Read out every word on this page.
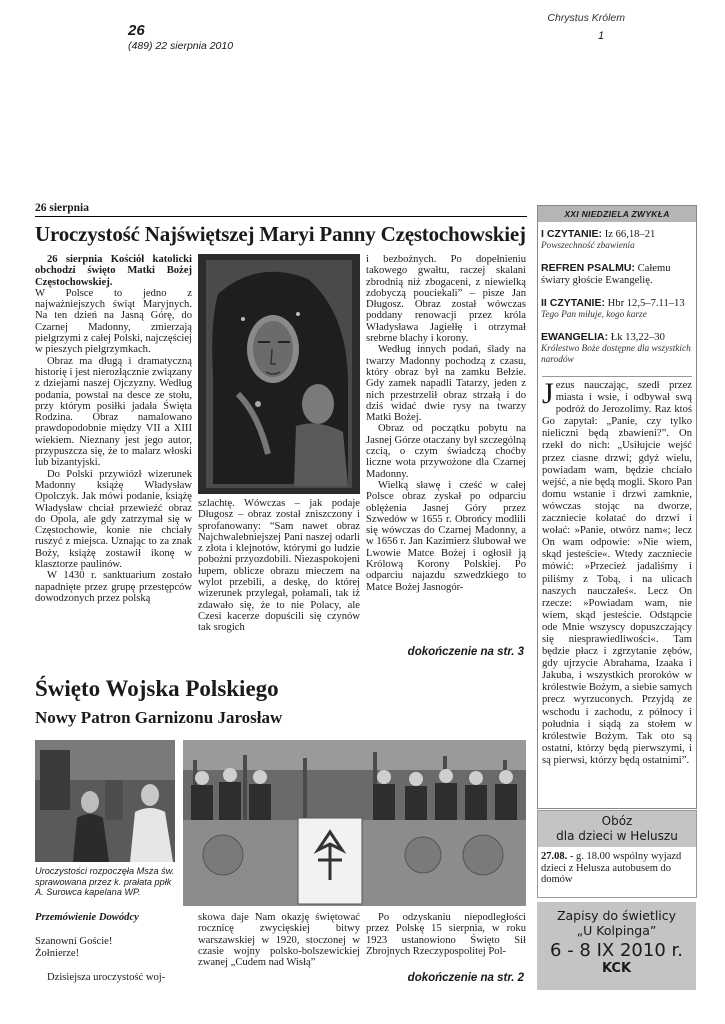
26
(489) 22 sierpnia 2010
Chrystus Królem
1
26 sierpnia
Uroczystość Najświętszej Maryi Panny Częstochowskiej

26 sierpnia Kościół katolicki obchodzi święto Matki Bożej Częstochowskiej.

W Polsce to jedno z najważniejszych świąt Maryjnych. Na ten dzień na Jasną Górę, do Czarnej Madonny, zmierzają pielgrzymi z całej Polski, najczęściej w pieszych pielgrzymkach.

Obraz ma długą i dramatyczną historię i jest nierozłącznie związany z dziejami naszej Ojczyzny. Według podania, powstał na desce ze stołu, przy którym posiłki jadała Święta Rodzina. Obraz namalowano prawdopodobnie między VII a XIII wiekiem. Nieznany jest jego autor, przypuszcza się, że to malarz włoski lub bizantyjski.

Do Polski przywiózł wizerunek Madonny książę Władysław Opolczyk. Jak mówi podanie, książę Władysław chciał przewieźć obraz do Opola, ale gdy zatrzymał się w Częstochowie, konie nie chciały ruszyć z miejsca. Uznając to za znak Boży, książę zostawił ikonę w klasztorze paulinów.

W 1430 r. sanktuarium zostało napadnięte przez grupę przestępców dowodzonych przez polską

szlachtę. Wówczas – jak podaje Długosz – obraz został zniszczony i sprofanowany: “Sam nawet obraz Najchwalebniejszej Pani naszej odarli z złota i klejnotów, którymi go ludzie pobożni przyozdobili. Niezaspokojeni łupem, oblicze obrazu mieczem na wylot przebili, a deskę, do której wizerunek przylegał, połamali, tak iż zdawało się, że to nie Polacy, ale Czesi kacerze dopuścili się czynów tak srogich

i bezbożnych. Po dopełnieniu takowego gwałtu, raczej skalani zbrodnią niż zbogaceni, z niewielką zdobyczą pouciekali” – pisze Jan Długosz. Obraz został wówczas poddany renowacji przez króla Władysława Jagiełłę i otrzymał srebrne blachy i korony.

Według innych podań, ślady na twarzy Madonny pochodzą z czasu, który obraz był na zamku Bełzie. Gdy zamek napadli Tatarzy, jeden z nich przestrzelił obraz strzałą i do dziś widać dwie rysy na twarzy Matki Bożej.

Obraz od początku pobytu na Jasnej Górze otaczany był szczególną czcią, o czym świadczą choćby liczne wota przywożone dla Czarnej Madonny.

Wielką sławę i cześć w całej Polsce obraz zyskał po odparciu oblężenia Jasnej Góry przez Szwedów w 1655 r. Obrońcy modlili się wówczas do Czarnej Madonny, a w 1656 r. Jan Kazimierz ślubował we Lwowie Matce Bożej i ogłosił ją Królową Korony Polskiej. Po odparciu najazdu szwedzkiego to Matce Bożej Jasnogór-

dokończenie na str. 3
Święto Wojska Polskiego
Nowy Patron Garnizonu Jarosław
Uroczystości rozpoczęła Msza św. sprawowana przez k. prałata ppłk A. Surowca kapelana WP.
Przemówienie Dowódcy
Szanowni Goście!
Żołnierze!

Dzisiejsza uroczystość woj-

skowa daje Nam okazję świętować rocznicę zwycięskiej bitwy warszawskiej w 1920, stoczonej w czasie wojny polsko-bolszewickiej zwanej „Cudem nad Wisłą”

Po odzyskaniu niepodległości przez Polskę 15 sierpnia, w roku 1923 ustanowiono Święto Sił Zbrojnych Rzeczypospolitej Pol-

dokończenie na str. 2
XXI NIEDZIELA ZWYKŁA
I CZYTANIE: Iz 66,18–21
Powszechność zbawienia
REFREN PSALMU: Całemu świату głoście Ewangelię.
II CZYTANIE: Hbr 12,5–7.11–13
Tego Pan miłuje, kogo karze
EWANGELIA: Łk 13,22–30
Królestwo Boże dostępne dla wszystkich narodów
Jezus nauczając, szedł przez miasta i wsie, i odbywał swą podróż do Jerozolimy. Raz ktoś Go zapytał: „Panie, czy tylko nieliczni będą zbawieni?”. On rzekł do nich: „Usiłujcie wejść przez ciasne drzwi; gdyż wielu, powiadam wam, będzie chciało wejść, a nie będą mogli. Skoro Pan domu wstanie i drzwi zamknie, wówczas stojąc na dworze, zaczniecie kołatać do drzwi i wołać: »Panie, otwórz nam«; lecz On wam odpowie: »Nie wiem, skąd jesteście«. Wtedy zaczniecie mówić: »Przecież jadaliśmy i piliśmy z Tobą, i na ulicach naszych nauczałeś«. Lecz On rzecze: »Powiadam wam, nie wiem, skąd jesteście. Odstąpcie ode Mnie wszyscy dopuszczający się niesprawiedliwości«. Tam będzie płacz i zgrzytanie zębów, gdy ujrzycie Abrahama, Izaaka i Jakuba, i wszystkich proroków w królestwie Bożym, a siebie samych precz wyrzuconych. Przyjdą ze wschodu i zachodu, z północy i południa i siądą za stołem w królestwie Bożym. Tak oto są ostatni, którzy będą pierwszymi, i są pierwsi, którzy będą ostatnimi”.
Obóz
dla dzieci w Heluszu
27.08. - g. 18.00 wspólny wyjazd dzieci z Helusza autobusem do domów
Zapisy do świetlicy
„U Kolpinga”
6 - 8 IX 2010 r.
KCK
